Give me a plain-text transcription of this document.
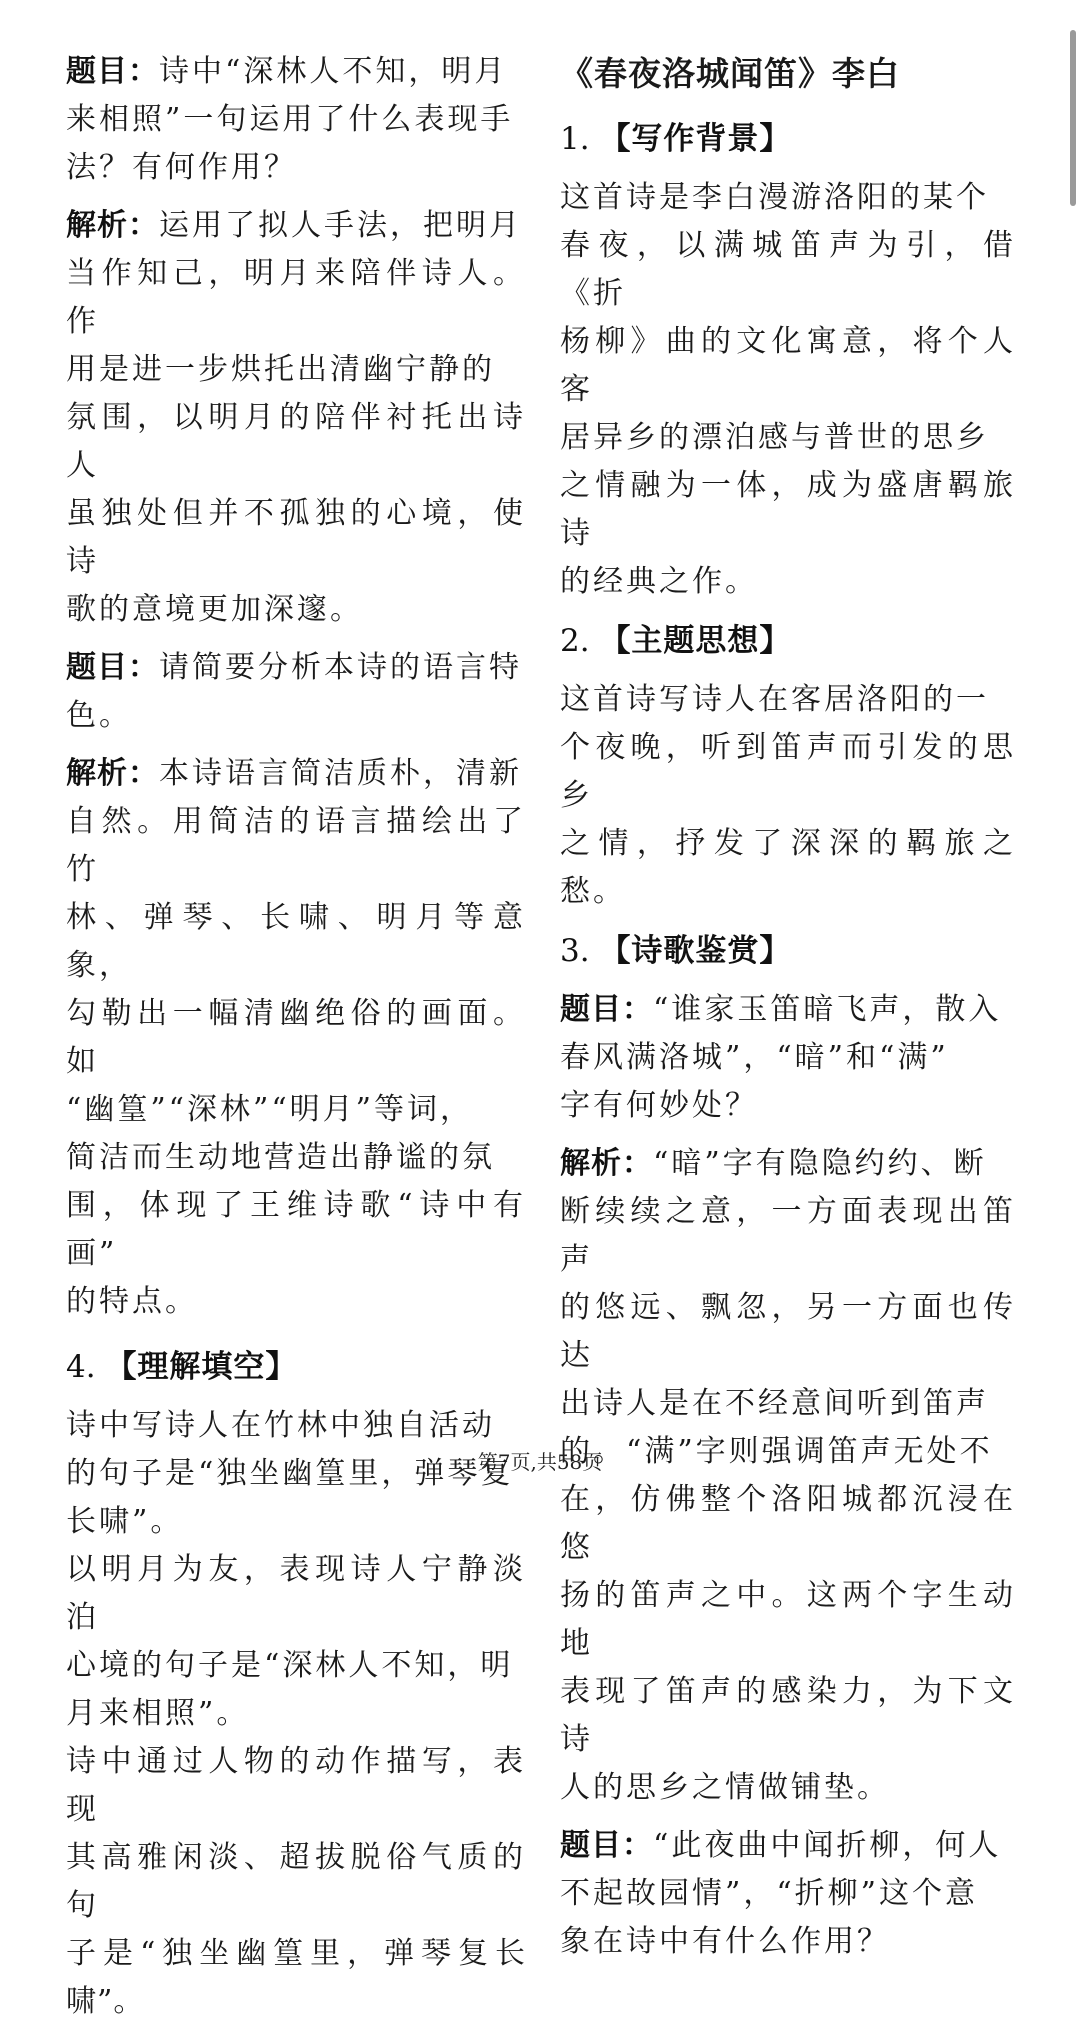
题目：诗中“深林人不知，明月
来相照”一句运用了什么表现手
法？有何作用？

解析：运用了拟人手法，把明月
当作知己，明月来陪伴诗人。作
用是进一步烘托出清幽宁静的
氛围，以明月的陪伴衬托出诗人
虽独处但并不孤独的心境，使诗
歌的意境更加深邃。

题目：请简要分析本诗的语言特
色。

解析：本诗语言简洁质朴，清新
自然。用简洁的语言描绘出了竹
林、弹琴、长啸、明月等意象，
勾勒出一幅清幽绝俗的画面。如
“幽篁”“深林”“明月”等词，
简洁而生动地营造出静谧的氛
围，体现了王维诗歌“诗中有画”
的特点。

4. 【理解填空】

诗中写诗人在竹林中独自活动
的句子是“独坐幽篁里，弹琴复
长啸”。

以明月为友，表现诗人宁静淡泊
心境的句子是“深林人不知，明
月来相照”。

诗中通过人物的动作描写，表现
其高雅闲淡、超拔脱俗气质的句
子是“独坐幽篁里，弹琴复长啸”。

《春夜洛城闻笛》李白
1. 【写作背景】

这首诗是李白漫游洛阳的某个
春夜，以满城笛声为引，借《折
杨柳》曲的文化寓意，将个人客
居异乡的漂泊感与普世的思乡
之情融为一体，成为盛唐羁旅诗
的经典之作。

2. 【主题思想】

这首诗写诗人在客居洛阳的一
个夜晚，听到笛声而引发的思乡
之情，抒发了深深的羁旅之愁。

3. 【诗歌鉴赏】

题目：“谁家玉笛暗飞声，散入
春风满洛城”，“暗”和“满”
字有何妙处？

解析：“暗”字有隐隐约约、断
断续续之意，一方面表现出笛声
的悠远、飘忽，另一方面也传达
出诗人是在不经意间听到笛声
的。“满”字则强调笛声无处不
在，仿佛整个洛阳城都沉浸在悠
扬的笛声之中。这两个字生动地
表现了笛声的感染力，为下文诗
人的思乡之情做铺垫。

题目：“此夜曲中闻折柳，何人
不起故园情”，“折柳”这个意
象在诗中有什么作用？

第7页,共58页
